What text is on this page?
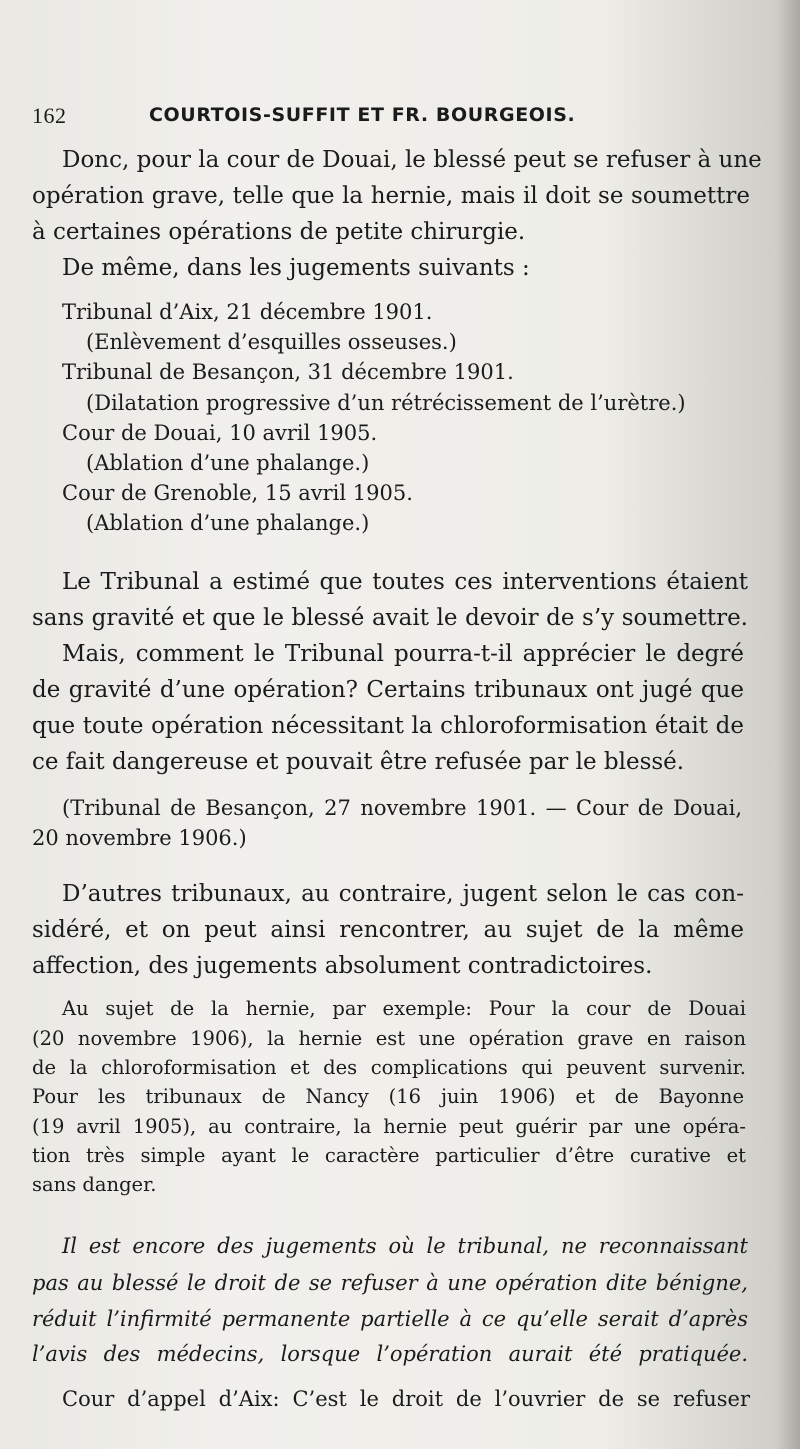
162	COURTOIS-SUFFIT ET FR. BOURGEOIS.
Donc, pour la cour de Douai, le blessé peut se refuser à une
opération grave, telle que la hernie, mais il doit se soumettre
à certaines opérations de petite chirurgie.
De même, dans les jugements suivants :
Tribunal d’Aix, 21 décembre 1901.
(Enlèvement d’esquilles osseuses.)
Tribunal de Besançon, 31 décembre 1901.
(Dilatation progressive d’un rétrécissement de l’urètre.)
Cour de Douai, 10 avril 1905.
(Ablation d’une phalange.)
Cour de Grenoble, 15 avril 1905.
(Ablation d’une phalange.)
Le Tribunal a estimé que toutes ces interventions étaient
sans gravité et que le blessé avait le devoir de s’y soumettre.
Mais, comment le Tribunal pourra-t-il apprécier le degré
de gravité d’une opération? Certains tribunaux ont jugé que
que toute opération nécessitant la chloroformisation était de
ce fait dangereuse et pouvait être refusée par le blessé.
(Tribunal de Besançon, 27 novembre 1901. — Cour de Douai,
20 novembre 1906.)
D’autres tribunaux, au contraire, jugent selon le cas con-
sidéré, et on peut ainsi rencontrer, au sujet de la même
affection, des jugements absolument contradictoires.
Au sujet de la hernie, par exemple: Pour la cour de Douai
(20 novembre 1906), la hernie est une opération grave en raison
de la chloroformisation et des complications qui peuvent survenir.
Pour les tribunaux de Nancy (16 juin 1906) et de Bayonne
(19 avril 1905), au contraire, la hernie peut guérir par une opéra-
tion très simple ayant le caractère particulier d’être curative et
sans danger.
Il est encore des jugements où le tribunal, ne reconnaissant
pas au blessé le droit de se refuser à une opération dite bénigne,
réduit l’infirmité permanente partielle à ce qu’elle serait d’après
l’avis des médecins, lorsque l’opération aurait été pratiquée.
Cour d’appel d’Aix: C’est le droit de l’ouvrier de se refuser
